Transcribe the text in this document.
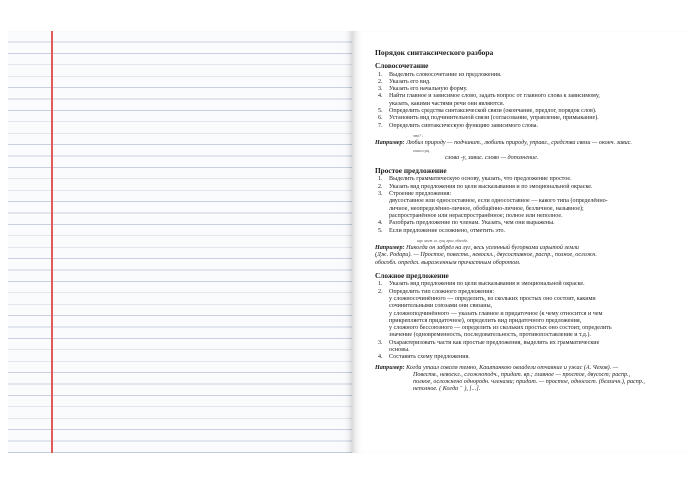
Порядок синтаксического разбора
Словосочетание
1. Выделить словосочетание из предложения.
2. Указать его вид.
3. Указать его начальную форму.
4. Найти главное и зависимое слово, задать вопрос от главного слова к зависимому,
указать, какими частями речи они являются.
5. Определить средства синтаксической связи (окончание, предлог, порядок слов).
6. Установить вид подчинительной связи (согласование, управление, примыкание).
7. Определить синтаксическую функцию зависимого слова.
что? ↓
Например: Любил природу — подчинит., любить природу, управл., средства связи — оконч. завис.
глагол сущ.
слова -у, завис. слово — дополнение.
Простое предложение
1. Выделить грамматическую основу, указать, что предложение простое.
2. Указать вид предложения по цели высказывания и по эмоциональной окраске.
3. Строение предложения:
двусоставное или односоставное, если односоставное — какого типа (определённо-
личное, неопределённо-личное, обобщённо-личное, безличное, назывное);
распространённое или нераспространённое; полное или неполное.
4. Разобрать предложение по членам. Указать, чем они выражены.
5. Если предложение осложнено, отметить это.
нар. мест. гл. сущ. прил. обособл.
Например: Никогда он забрёл на луг, весь усеянный бугорками изрытой земли
(Дж. Родари). — Простое, повеств., невоскл., двусоставное, распр., полное, осложн.
обособл. определ. выраженным причастным оборотом.
Сложное предложение
1. Указать вид предложения по цели высказывания и эмоциональной окраске.
2. Определить тип сложного предложения:
у сложносочинённого — определить, из скольких простых оно состоит, какими
сочинительными союзами они связаны,
у сложноподчинённого — указать главное и придаточное (к чему относится и чем
прикрепляется придаточное), определить вид придаточного предложения,
у сложного бессоюзного — определить из скольких простых оно состоит, определить
значение (одновременность, последовательность, противопоставление и т.д.).
3. Охарактеризовать части как простые предложения, выделить их грамматические
основы.
4. Составить схему предложения.
Например: Когда утаил совсем темно, Каштанкою овладели отчаяние и ужас (А. Чехов). —
Повеств., невоскл., сложноподч., придат. вр.; главное — простое, двусост; распр.,
полное, осложнено однородн. членами; придат. — простое, односост. (безличн.), распр.,
неполное. ( Когда ⁻ ), [...].
